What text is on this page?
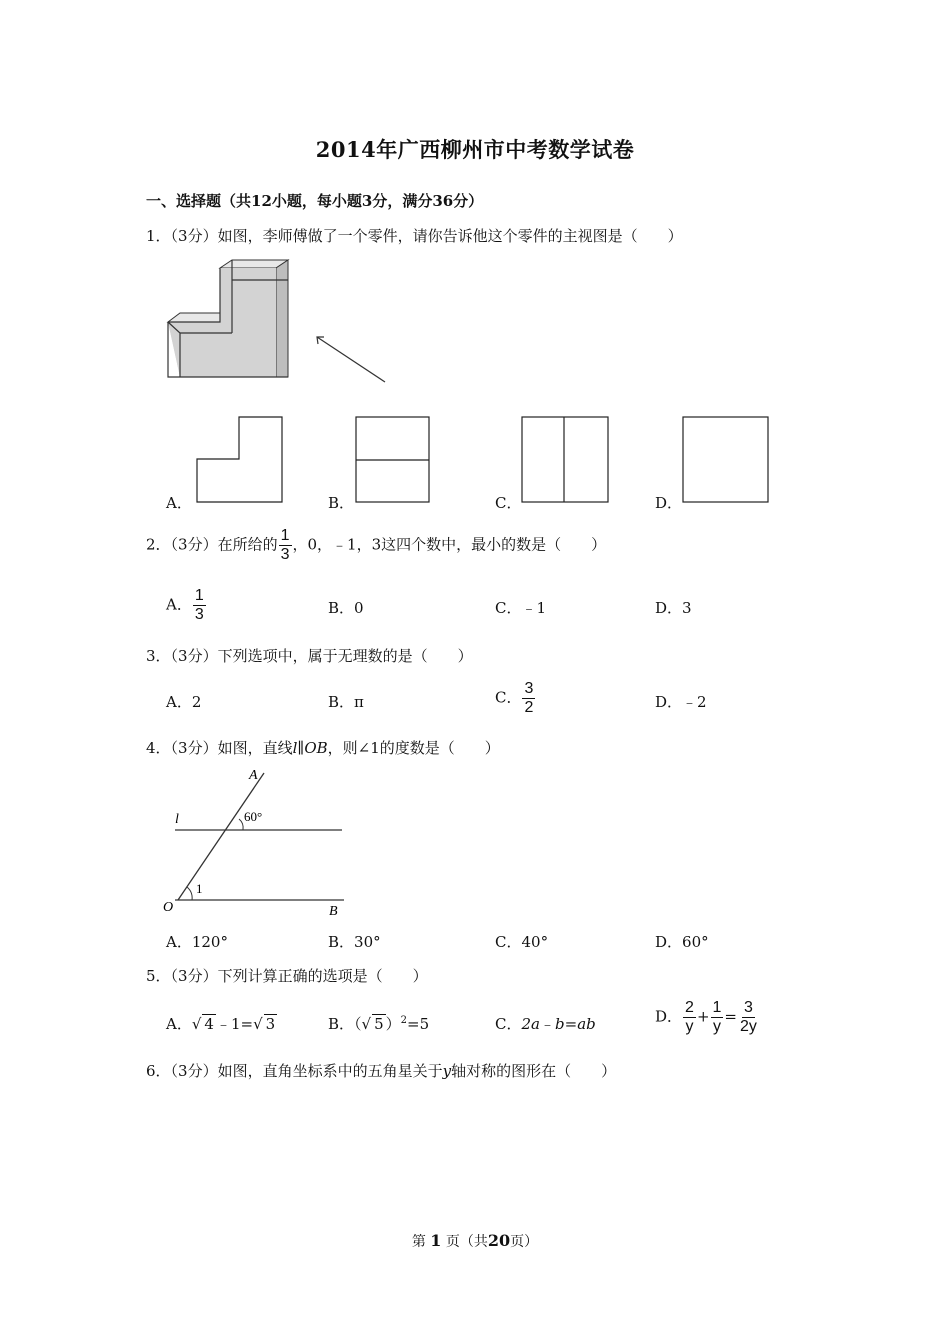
2014年广西柳州市中考数学试卷
一、选择题（共12小题，每小题3分，满分36分）
1．（3分）如图，李师傅做了一个零件，请你告诉他这个零件的主视图是（　　）
A．	B．	C．	D．
2．（3分）在所给的 $\frac{1}{3}$ ，0，﹣1，3这四个数中，最小的数是（　　）
A． $\frac{1}{3}$	B．0	C．﹣1	D．3
3．（3分）下列选项中，属于无理数的是（　　）
A．2	B．π	C． $\frac{3}{2}$	D．﹣2
4．（3分）如图，直线l∥OB，则∠1的度数是（　　）
A
l	60°
1
O	B
A．120°	B．30°	C．40°	D．60°
5．（3分）下列计算正确的选项是（　　）
A．√ 4 ﹣1=√ 3	B．（√ 5 ）$^2$=5	C．2a﹣b=ab	D． $\frac{2}{y} + \frac{1}{y} = \frac{3}{2y}$
6．（3分）如图，直角坐标系中的五角星关于y轴对称的图形在（　　）
第 1 页（共20页）
